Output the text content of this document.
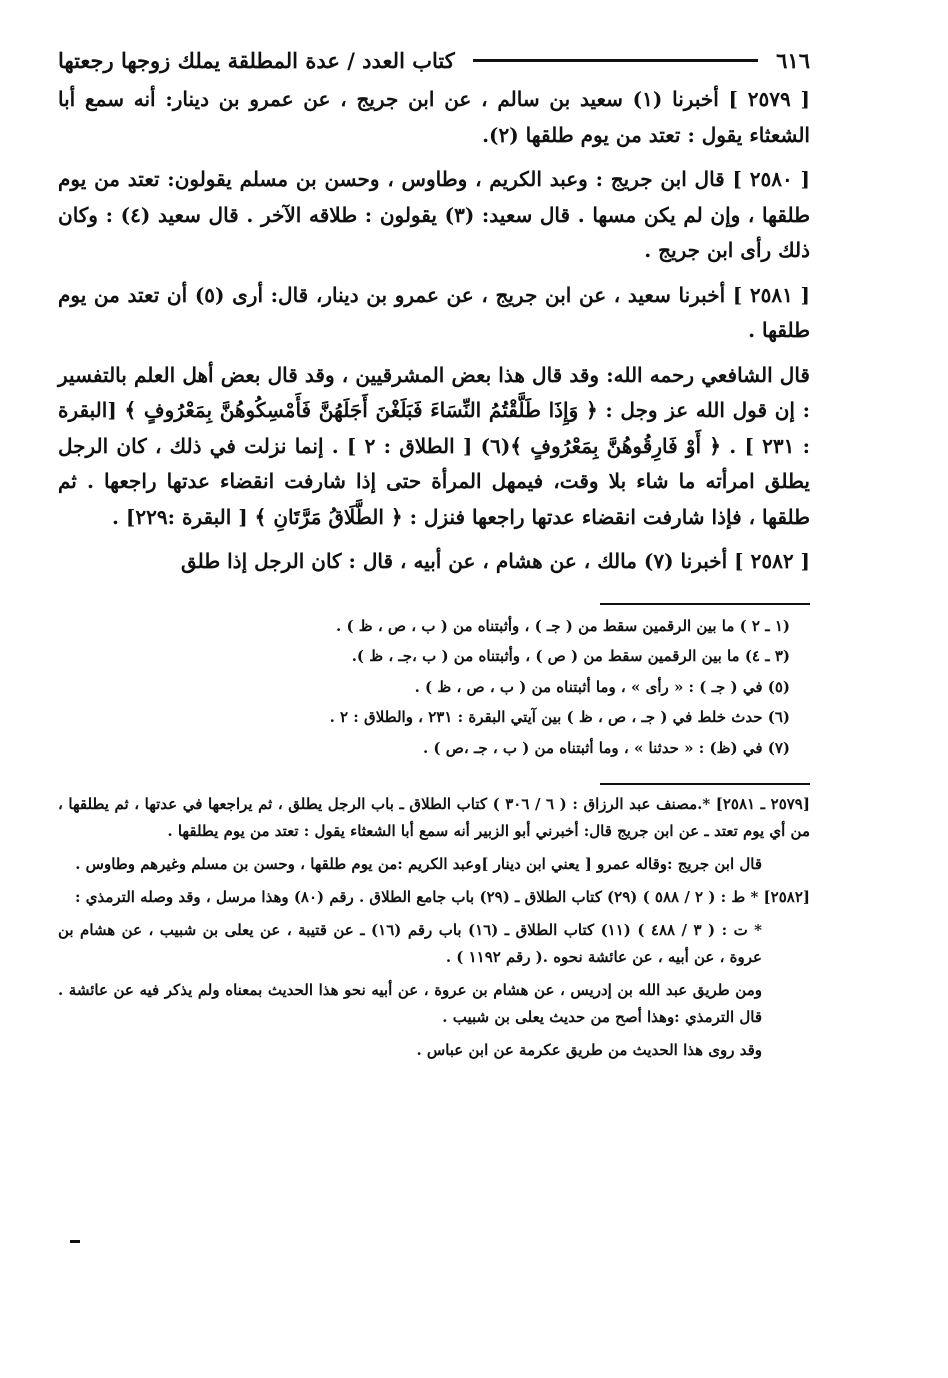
٦١٦
كتاب العدد / عدة المطلقة يملك زوجها رجعتها

[ ٢٥٧٩ ] أخبرنا (١) سعيد بن سالم ، عن ابن جريج ، عن عمرو بن دينار: أنه سمع أبا الشعثاء يقول : تعتد من يوم طلقها (٢).

[ ٢٥٨٠ ] قال ابن جريج : وعبد الكريم ، وطاوس ، وحسن بن مسلم يقولون: تعتد من يوم طلقها ، وإن لم يكن مسها . قال سعيد: (٣) يقولون : طلاقه الآخر . قال سعيد (٤) : وكان ذلك رأى ابن جريج .

[ ٢٥٨١ ] أخبرنا سعيد ، عن ابن جريج ، عن عمرو بن دينار، قال: أرى (٥) أن تعتد من يوم طلقها .

قال الشافعي رحمه الله: وقد قال هذا بعض المشرقيين ، وقد قال بعض أهل العلم بالتفسير : إن قول الله عز وجل : ﴿ وَإِذَا طَلَّقْتُمُ النِّسَاءَ فَبَلَغْنَ أَجَلَهُنَّ فَأَمْسِكُوهُنَّ بِمَعْرُوفٍ ﴾ [البقرة : ٢٣١ ] . ﴿ أَوْ فَارِقُوهُنَّ بِمَعْرُوفٍ ﴾(٦) [ الطلاق : ٢ ] . إنما نزلت في ذلك ، كان الرجل يطلق امرأته ما شاء بلا وقت، فيمهل المرأة حتى إذا شارفت انقضاء عدتها راجعها . ثم طلقها ، فإذا شارفت انقضاء عدتها راجعها فنزل : ﴿ الطَّلَاقُ مَرَّتَانِ ﴾ [ البقرة :٢٢٩] .

[ ٢٥٨٢ ] أخبرنا (٧) مالك ، عن هشام ، عن أبيه ، قال : كان الرجل إذا طلق

(١ ـ ٢ ) ما بين الرقمين سقط من ( جـ ) ، وأثبتناه من ( ب ، ص ، ظ ) .
(٣ ـ ٤) ما بين الرقمين سقط من ( ص ) ، وأثبتناه من ( ب ،جـ ، ظ ).
(٥) في ( جـ ) : « رأى » ، وما أثبتناه من ( ب ، ص ، ظ ) .
(٦) حدث خلط في ( جـ ، ص ، ظ ) بين آيتي البقرة : ٢٣١ ، والطلاق : ٢ .
(٧) في (ظ) : « حدثنا » ، وما أثبتناه من ( ب ، جـ ،ص ) .
[٢٥٧٩ ـ ٢٥٨١] *.مصنف عبد الرزاق : ( ٦ / ٣٠٦ ) كتاب الطلاق ـ باب الرجل يطلق ، ثم يراجعها في عدتها ، ثم يطلقها ، من أي يوم تعتد ـ عن ابن جريج قال: أخبرني أبو الزبير أنه سمع أبا الشعثاء يقول : تعتد من يوم يطلقها .
قال ابن جريج :وقاله عمرو [ يعني ابن دينار ]وعبد الكريم :من يوم طلقها ، وحسن بن مسلم وغيرهم وطاوس .
[٢٥٨٢] * ط : ( ٢ / ٥٨٨ ) (٢٩) كتاب الطلاق ـ (٢٩) باب جامع الطلاق . رقم (٨٠) وهذا مرسل ، وقد وصله الترمذي :
* ت : ( ٣ / ٤٨٨ ) (١١) كتاب الطلاق ـ (١٦) باب رقم (١٦) ـ عن قتيبة ، عن يعلى بن شبيب ، عن هشام بن عروة ، عن أبيه ، عن عائشة نحوه .( رقم ١١٩٢ ) .
ومن طريق عبد الله بن إدريس ، عن هشام بن عروة ، عن أبيه نحو هذا الحديث بمعناه ولم يذكر فيه عن عائشة . قال الترمذي :وهذا أصح من حديث يعلى بن شبيب .
وقد روى هذا الحديث من طريق عكرمة عن ابن عباس .
